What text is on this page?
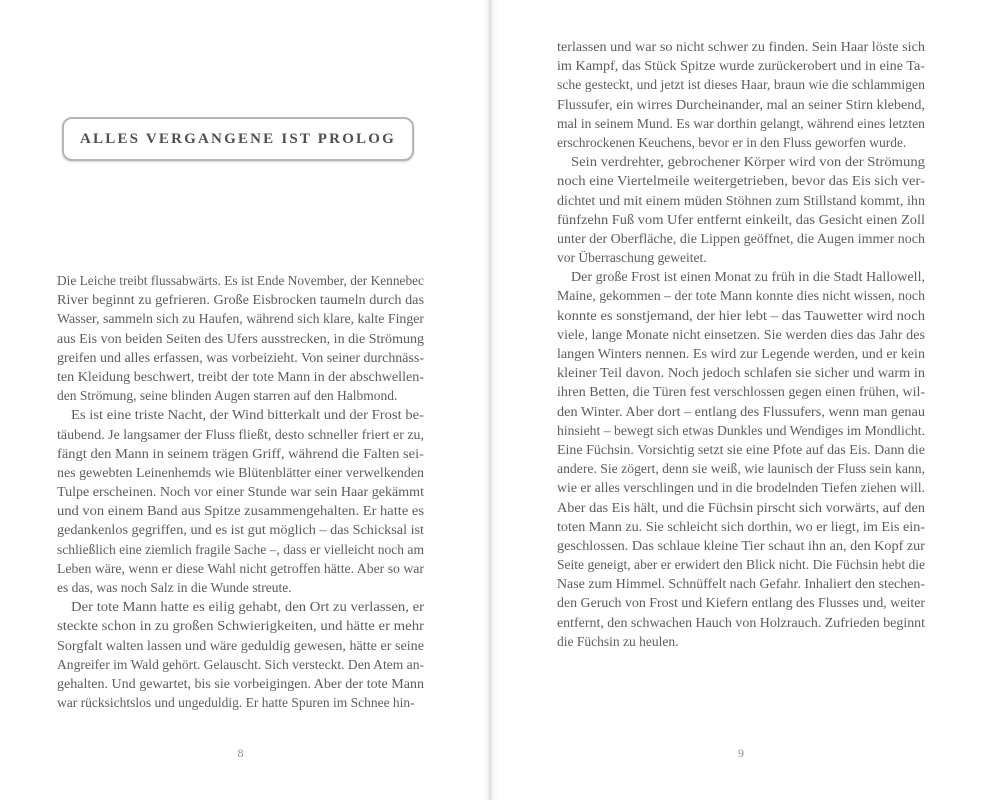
ALLES VERGANGENE IST PROLOG

Die Leiche treibt flussabwärts. Es ist Ende November, der Kennebec
River beginnt zu gefrieren. Große Eisbrocken taumeln durch das
Wasser, sammeln sich zu Haufen, während sich klare, kalte Finger
aus Eis von beiden Seiten des Ufers ausstrecken, in die Strömung
greifen und alles erfassen, was vorbeizieht. Von seiner durchnäss-
ten Kleidung beschwert, treibt der tote Mann in der abschwellen-
den Strömung, seine blinden Augen starren auf den Halbmond.

Es ist eine triste Nacht, der Wind bitterkalt und der Frost be-
täubend. Je langsamer der Fluss fließt, desto schneller friert er zu,
fängt den Mann in seinem trägen Griff, während die Falten sei-
nes gewebten Leinenhemds wie Blütenblätter einer verwelkenden
Tulpe erscheinen. Noch vor einer Stunde war sein Haar gekämmt
und von einem Band aus Spitze zusammengehalten. Er hatte es
gedankenlos gegriffen, und es ist gut möglich – das Schicksal ist
schließlich eine ziemlich fragile Sache –, dass er vielleicht noch am
Leben wäre, wenn er diese Wahl nicht getroffen hätte. Aber so war
es das, was noch Salz in die Wunde streute.

Der tote Mann hatte es eilig gehabt, den Ort zu verlassen, er
steckte schon in zu großen Schwierigkeiten, und hätte er mehr
Sorgfalt walten lassen und wäre geduldig gewesen, hätte er seine
Angreifer im Wald gehört. Gelauscht. Sich versteckt. Den Atem an-
gehalten. Und gewartet, bis sie vorbeigingen. Aber der tote Mann
war rücksichtslos und ungeduldig. Er hatte Spuren im Schnee hin-

8

terlassen und war so nicht schwer zu finden. Sein Haar löste sich
im Kampf, das Stück Spitze wurde zurückerobert und in eine Ta-
sche gesteckt, und jetzt ist dieses Haar, braun wie die schlammigen
Flussufer, ein wirres Durcheinander, mal an seiner Stirn klebend,
mal in seinem Mund. Es war dorthin gelangt, während eines letzten
erschrockenen Keuchens, bevor er in den Fluss geworfen wurde.

Sein verdrehter, gebrochener Körper wird von der Strömung
noch eine Viertelmeile weitergetrieben, bevor das Eis sich ver-
dichtet und mit einem müden Stöhnen zum Stillstand kommt, ihn
fünfzehn Fuß vom Ufer entfernt einkeilt, das Gesicht einen Zoll
unter der Oberfläche, die Lippen geöffnet, die Augen immer noch
vor Überraschung geweitet.

Der große Frost ist einen Monat zu früh in die Stadt Hallowell,
Maine, gekommen – der tote Mann konnte dies nicht wissen, noch
konnte es sonstjemand, der hier lebt – das Tauwetter wird noch
viele, lange Monate nicht einsetzen. Sie werden dies das Jahr des
langen Winters nennen. Es wird zur Legende werden, und er kein
kleiner Teil davon. Noch jedoch schlafen sie sicher und warm in
ihren Betten, die Türen fest verschlossen gegen einen frühen, wil-
den Winter. Aber dort – entlang des Flussufers, wenn man genau
hinsieht – bewegt sich etwas Dunkles und Wendiges im Mondlicht.
Eine Füchsin. Vorsichtig setzt sie eine Pfote auf das Eis. Dann die
andere. Sie zögert, denn sie weiß, wie launisch der Fluss sein kann,
wie er alles verschlingen und in die brodelnden Tiefen ziehen will.
Aber das Eis hält, und die Füchsin pirscht sich vorwärts, auf den
toten Mann zu. Sie schleicht sich dorthin, wo er liegt, im Eis ein-
geschlossen. Das schlaue kleine Tier schaut ihn an, den Kopf zur
Seite geneigt, aber er erwidert den Blick nicht. Die Füchsin hebt die
Nase zum Himmel. Schnüffelt nach Gefahr. Inhaliert den stechen-
den Geruch von Frost und Kiefern entlang des Flusses und, weiter
entfernt, den schwachen Hauch von Holzrauch. Zufrieden beginnt
die Füchsin zu heulen.

9
